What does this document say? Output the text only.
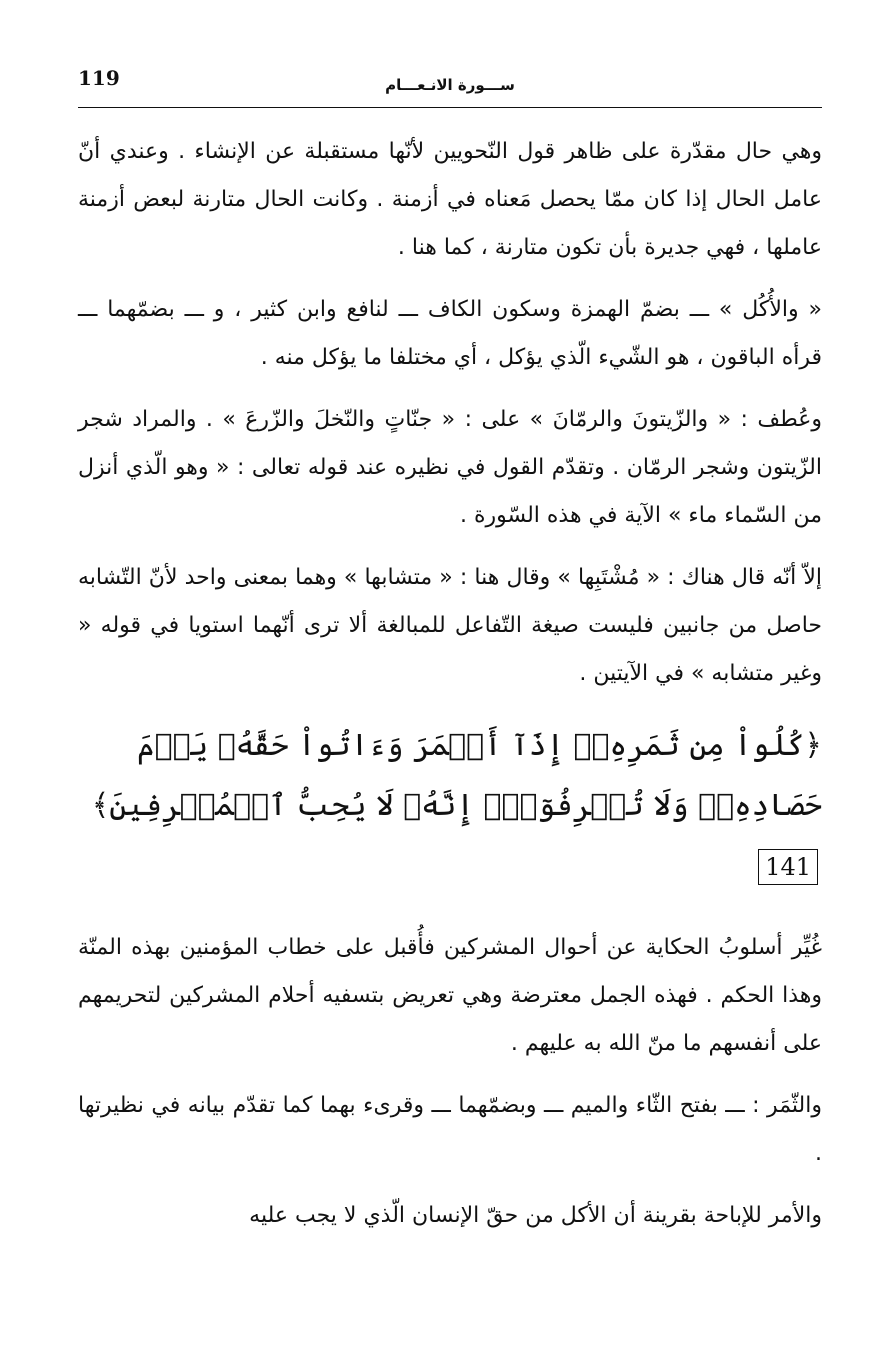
119	ســـورة الانـعـــام

وهي حال مقدّرة على ظاهر قول النّحويين لأنّها مستقبلة عن الإنشاء . وعندي أنّ عامل الحال إذا كان ممّا يحصل مَعناه في أزمنة . وكانت الحال متارنة لبعض أزمنة عاملها ، فهي جديرة بأن تكون متارنة ، كما هنا .

« والأُكُل » ـــ بضمّ الهمزة وسكون الكاف ـــ لنافع وابن كثير ، و ـــ بضمّهما ـــ قرأه الباقون ، هو الشّيء الّذي يؤكل ، أي مختلفا ما يؤكل منه .

وعُطف : « والزّيتونَ والرمّانَ » على : « جنّاتٍ والنّخلَ والزّرعَ » . والمراد شجر الزّيتون وشجر الرمّان . وتقدّم القول في نظيره عند قوله تعالى : « وهو الّذي أنزل من السّماء ماء » الآية في هذه السّورة .

إلاّ أنّه قال هناك : « مُشْتَبِها » وقال هنا : « متشابها » وهما بمعنى واحد لأنّ التّشابه حاصل من جانبين فليست صيغة التّفاعل للمبالغة ألا ترى أنّهما استويا في قوله « وغير متشابه » في الآيتين .

﴿كُلُواْ مِن ثَمَرِهِۦٓ إِذَآ أَثۡمَرَ وَءَاتُواْ حَقَّهُۥ يَوۡمَ حَصَادِهِۦۖ وَلَا تُسۡرِفُوٓاْۚ إِنَّهُۥ لَا يُحِبُّ ٱلۡمُسۡرِفِينَ﴾ 141

غُيِّر أسلوبُ الحكاية عن أحوال المشركين فأُقبل على خطاب المؤمنين بهذه المنّة وهذا الحكم . فهذه الجمل معترضة وهي تعريض بتسفيه أحلام المشركين لتحريمهم على أنفسهم ما منّ الله به عليهم .

والثّمَر : ـــ بفتح الثّاء والميم ـــ وبضمّهما ـــ وقرىء بهما كما تقدّم بيانه في نظيرتها .

والأمر للإباحة بقرينة أن الأكل من حقّ الإنسان الّذي لا يجب عليه
